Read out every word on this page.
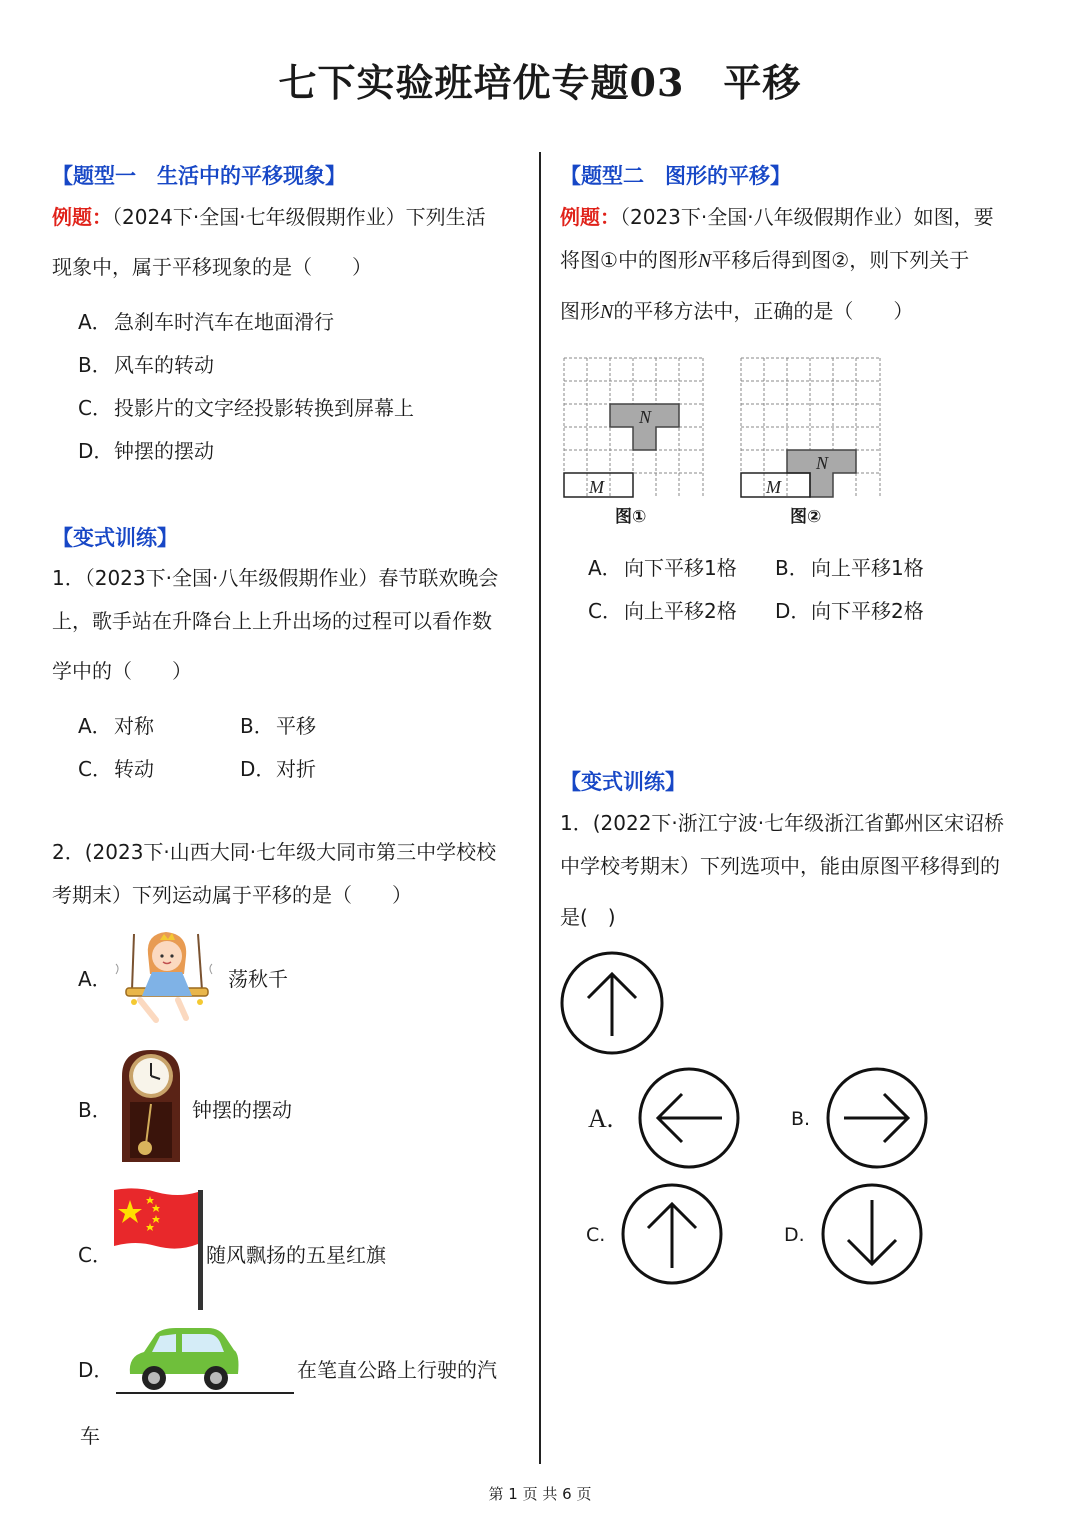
七下实验班培优专题03　平移
【题型一　生活中的平移现象】
例题：（2024下·全国·七年级假期作业）下列生活
现象中，属于平移现象的是（　　）
A． 急刹车时汽车在地面滑行
B． 风车的转动
C． 投影片的文字经投影转换到屏幕上
D．钟摆的摆动
【变式训练】
1．（2023下·全国·八年级假期作业）春节联欢晚会
上，歌手站在升降台上上升出场的过程可以看作数
学中的（　　）
A． 对称	B． 平移
C． 转动	D．对折
2．(2023下·山西大同·七年级大同市第三中学校校
考期末）下列运动属于平移的是（　　）
A．	荡秋千
B．	钟摆的摆动
C．	随风飘扬的五星红旗
D．	在笔直公路上行驶的汽
车
【题型二　图形的平移】
例题：（2023下·全国·八年级假期作业）如图，要
将图①中的图形N平移后得到图②，则下列关于
图形N的平移方法中，正确的是（　　）
N
M
图①
N
M
图②
A． 向下平移1格 B． 向上平移1格
C． 向上平移2格 D．向下平移2格
【变式训练】
1．(2022下·浙江宁波·七年级浙江省鄞州区宋诏桥
中学校考期末）下列选项中，能由原图平移得到的
是(　)
A.	B.
C.	D.
第 1 页 共 6 页
